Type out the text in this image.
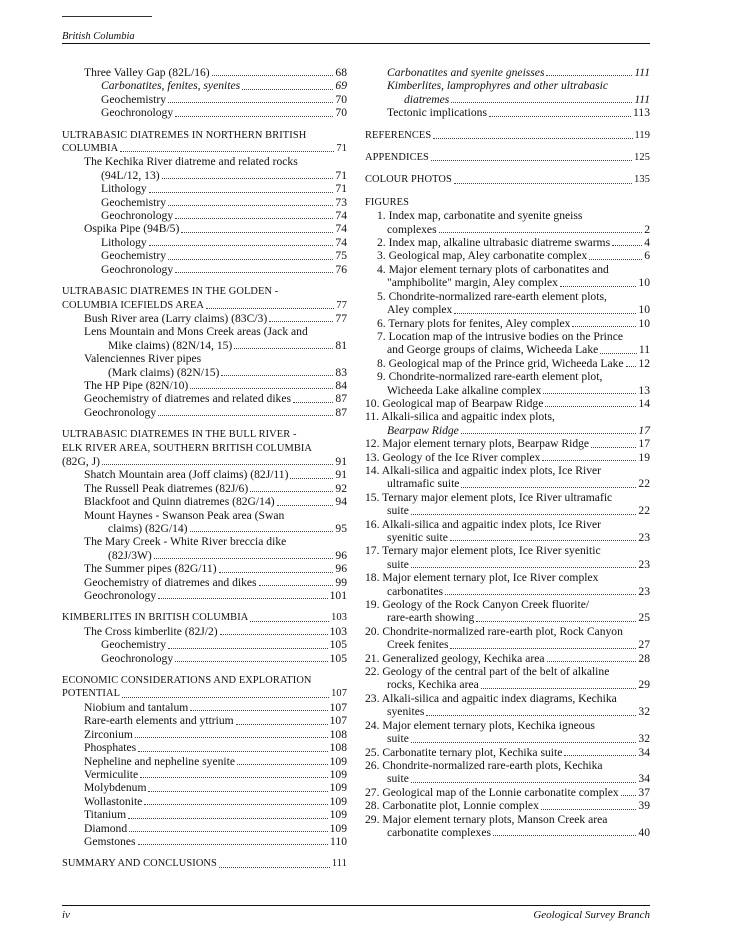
British Columbia
Three Valley Gap (82L/16)	68
Carbonatites, fenites, syenites	69
Geochemistry	70
Geochronology	70
ULTRABASIC DIATREMES IN NORTHERN BRITISH
COLUMBIA	71
The Kechika River diatreme and related rocks
(94L/12, 13)	71
Lithology	71
Geochemistry	73
Geochronology	74
Ospika Pipe (94B/5)	74
Lithology	74
Geochemistry	75
Geochronology	76
ULTRABASIC DIATREMES IN THE GOLDEN -
COLUMBIA ICEFIELDS AREA	77
Bush River area (Larry claims) (83C/3)	77
Lens Mountain and Mons Creek areas (Jack and
Mike claims) (82N/14, 15)	81
Valenciennes River pipes
(Mark claims) (82N/15)	83
The HP Pipe (82N/10)	84
Geochemistry of diatremes and related dikes	87
Geochronology	87
ULTRABASIC DIATREMES IN THE BULL RIVER -
ELK RIVER AREA, SOUTHERN BRITISH COLUMBIA
(82G, J)	91
Shatch Mountain area (Joff claims) (82J/11)	91
The Russell Peak diatremes (82J/6)	92
Blackfoot and Quinn diatremes (82G/14)	94
Mount Haynes - Swanson Peak area (Swan
claims) (82G/14)	95
The Mary Creek - White River breccia dike
(82J/3W)	96
The Summer pipes (82G/11)	96
Geochemistry of diatremes and dikes	99
Geochronology	101
KIMBERLITES IN BRITISH COLUMBIA	103
The Cross kimberlite (82J/2)	103
Geochemistry	105
Geochronology	105
ECONOMIC CONSIDERATIONS AND EXPLORATION
POTENTIAL	107
Niobium and tantalum	107
Rare-earth elements and yttrium	107
Zirconium	108
Phosphates	108
Nepheline and nepheline syenite	109
Vermiculite	109
Molybdenum	109
Wollastonite	109
Titanium	109
Diamond	109
Gemstones	110
SUMMARY AND CONCLUSIONS	111
Carbonatites and syenite gneisses	111
Kimberlites, lamprophyres and other ultrabasic
diatremes	111
Tectonic implications	113
REFERENCES	119
APPENDICES	125
COLOUR PHOTOS	135
FIGURES
1. Index map, carbonatite and syenite gneiss
complexes	2
2. Index map, alkaline ultrabasic diatreme swarms	4
3. Geological map, Aley carbonatite complex	6
4. Major element ternary plots of carbonatites and
"amphibolite" margin, Aley complex	10
5. Chondrite-normalized rare-earth element plots,
Aley complex	10
6. Ternary plots for fenites, Aley complex	10
7. Location map of the intrusive bodies on the Prince
and George groups of claims, Wicheeda Lake	11
8. Geological map of the Prince grid, Wicheeda Lake 12
9. Chondrite-normalized rare-earth element plot,
Wicheeda Lake alkaline complex	13
10. Geological map of Bearpaw Ridge	14
11. Alkali-silica and agpaitic index plots,
Bearpaw Ridge	17
12. Major element ternary plots, Bearpaw Ridge	17
13. Geology of the Ice River complex	19
14. Alkali-silica and agpaitic index plots, Ice River
ultramafic suite	22
15. Ternary major element plots, Ice River ultramafic
suite	22
16. Alkali-silica and agpaitic index plots, Ice River
syenitic suite	23
17. Ternary major element plots, Ice River syenitic
suite	23
18. Major element ternary plot, Ice River complex
carbonatites	23
19. Geology of the Rock Canyon Creek fluorite/
rare-earth showing	25
20. Chondrite-normalized rare-earth plot, Rock Canyon
Creek fenites	27
21. Generalized geology, Kechika area	28
22. Geology of the central part of the belt of alkaline
rocks, Kechika area	29
23. Alkali-silica and agpaitic index diagrams, Kechika
syenites	32
24. Major element ternary plots, Kechika igneous
suite	32
25. Carbonatite ternary plot, Kechika suite	34
26. Chondrite-normalized rare-earth plots, Kechika
suite	34
27. Geological map of the Lonnie carbonatite complex 37
28. Carbonatite plot, Lonnie complex	39
29. Major element ternary plots, Manson Creek area
carbonatite complexes	40
iv	Geological Survey Branch
